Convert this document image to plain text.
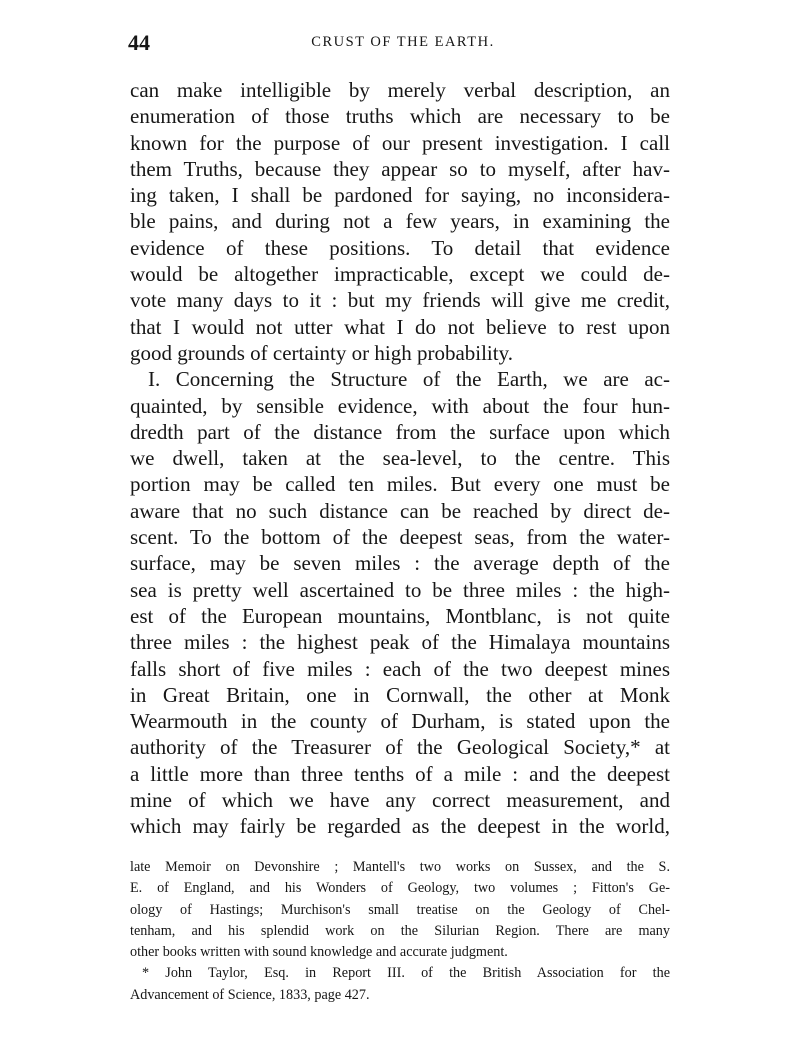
44	CRUST OF THE EARTH.
can make intelligible by merely verbal description, an
enumeration of those truths which are necessary to be
known for the purpose of our present investigation. I call
them Truths, because they appear so to myself, after hav-
ing taken, I shall be pardoned for saying, no inconsidera-
ble pains, and during not a few years, in examining the
evidence of these positions. To detail that evidence
would be altogether impracticable, except we could de-
vote many days to it : but my friends will give me credit,
that I would not utter what I do not believe to rest upon
good grounds of certainty or high probability.
I. Concerning the Structure of the Earth, we are ac-
quainted, by sensible evidence, with about the four hun-
dredth part of the distance from the surface upon which
we dwell, taken at the sea-level, to the centre. This
portion may be called ten miles. But every one must be
aware that no such distance can be reached by direct de-
scent. To the bottom of the deepest seas, from the water-
surface, may be seven miles : the average depth of the
sea is pretty well ascertained to be three miles : the high-
est of the European mountains, Montblanc, is not quite
three miles : the highest peak of the Himalaya mountains
falls short of five miles : each of the two deepest mines
in Great Britain, one in Cornwall, the other at Monk
Wearmouth in the county of Durham, is stated upon the
authority of the Treasurer of the Geological Society,* at
a little more than three tenths of a mile : and the deepest
mine of which we have any correct measurement, and
which may fairly be regarded as the deepest in the world,
late Memoir on Devonshire ; Mantell's two works on Sussex, and the S.
E. of England, and his Wonders of Geology, two volumes ; Fitton's Ge-
ology of Hastings; Murchison's small treatise on the Geology of Chel-
tenham, and his splendid work on the Silurian Region. There are many
other books written with sound knowledge and accurate judgment.
* John Taylor, Esq. in Report III. of the British Association for the
Advancement of Science, 1833, page 427.
